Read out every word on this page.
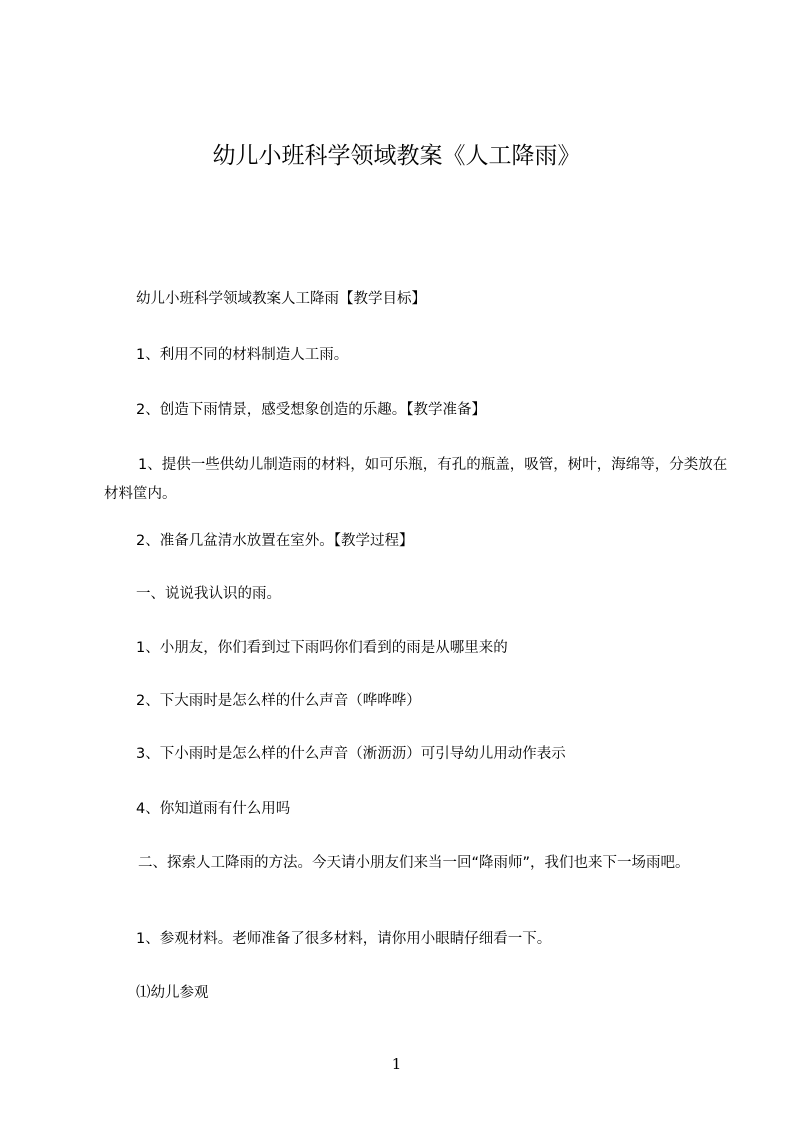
幼儿小班科学领域教案《人工降雨》

幼儿小班科学领域教案人工降雨【教学目标】

1、利用不同的材料制造人工雨。

2、创造下雨情景，感受想象创造的乐趣。【教学准备】

1、提供一些供幼儿制造雨的材料，如可乐瓶，有孔的瓶盖，吸管，树叶，海绵等，分类放在材料筐内。

2、准备几盆清水放置在室外。【教学过程】

一、说说我认识的雨。

1、小朋友，你们看到过下雨吗你们看到的雨是从哪里来的

2、下大雨时是怎么样的什么声音（哗哗哗）

3、下小雨时是怎么样的什么声音（淅沥沥）可引导幼儿用动作表示

4、你知道雨有什么用吗

二、探索人工降雨的方法。今天请小朋友们来当一回“降雨师”，我们也来下一场雨吧。

1、参观材料。老师准备了很多材料，请你用小眼睛仔细看一下。

⑴幼儿参观

1
